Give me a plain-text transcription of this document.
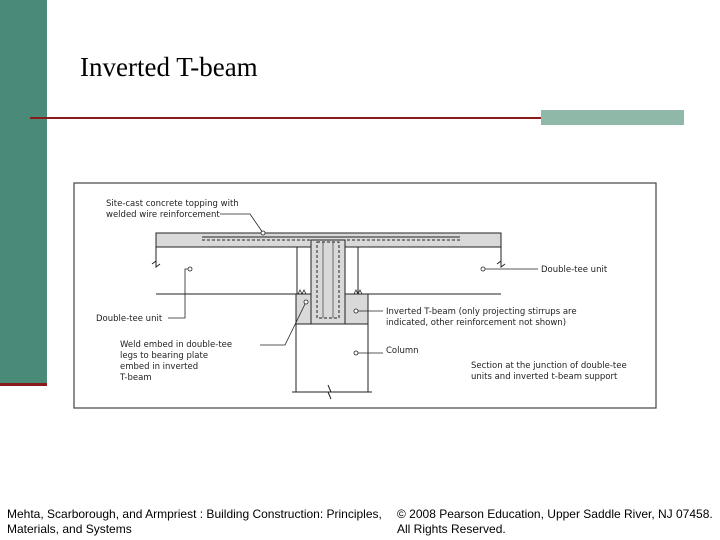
Inverted T-beam
Site-cast concrete topping with
welded wire reinforcement
Double-tee unit
Double-tee unit
Inverted T-beam (only projecting stirrups are
indicated, other reinforcement not shown)
Weld embed in double-tee
legs to bearing plate
embed in inverted
T-beam
Column
Section at the junction of double-tee
units and inverted t-beam support
Mehta, Scarborough, and Armpriest : Building Construction: Principles, Materials, and Systems
© 2008 Pearson Education, Upper Saddle River, NJ 07458. All Rights Reserved.
